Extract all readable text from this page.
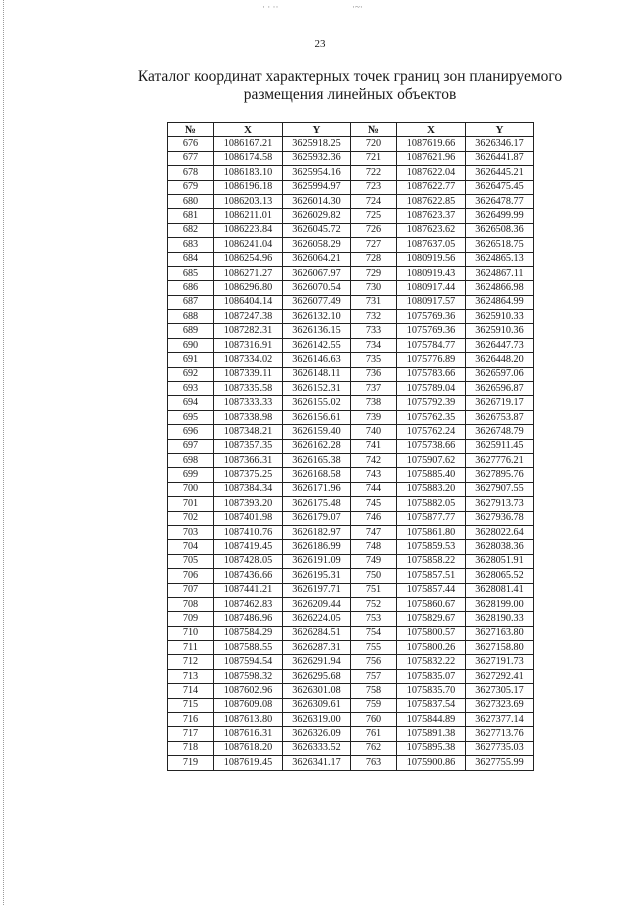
· · ··	·~·
23
Каталог координат характерных точек границ зон планируемого
размещения линейных объектов
№	X	Y	№	X	Y
676	1086167.21	3625918.25	720	1087619.66	3626346.17
677	1086174.58	3625932.36	721	1087621.96	3626441.87
678	1086183.10	3625954.16	722	1087622.04	3626445.21
679	1086196.18	3625994.97	723	1087622.77	3626475.45
680	1086203.13	3626014.30	724	1087622.85	3626478.77
681	1086211.01	3626029.82	725	1087623.37	3626499.99
682	1086223.84	3626045.72	726	1087623.62	3626508.36
683	1086241.04	3626058.29	727	1087637.05	3626518.75
684	1086254.96	3626064.21	728	1080919.56	3624865.13
685	1086271.27	3626067.97	729	1080919.43	3624867.11
686	1086296.80	3626070.54	730	1080917.44	3624866.98
687	1086404.14	3626077.49	731	1080917.57	3624864.99
688	1087247.38	3626132.10	732	1075769.36	3625910.33
689	1087282.31	3626136.15	733	1075769.36	3625910.36
690	1087316.91	3626142.55	734	1075784.77	3626447.73
691	1087334.02	3626146.63	735	1075776.89	3626448.20
692	1087339.11	3626148.11	736	1075783.66	3626597.06
693	1087335.58	3626152.31	737	1075789.04	3626596.87
694	1087333.33	3626155.02	738	1075792.39	3626719.17
695	1087338.98	3626156.61	739	1075762.35	3626753.87
696	1087348.21	3626159.40	740	1075762.24	3626748.79
697	1087357.35	3626162.28	741	1075738.66	3625911.45
698	1087366.31	3626165.38	742	1075907.62	3627776.21
699	1087375.25	3626168.58	743	1075885.40	3627895.76
700	1087384.34	3626171.96	744	1075883.20	3627907.55
701	1087393.20	3626175.48	745	1075882.05	3627913.73
702	1087401.98	3626179.07	746	1075877.77	3627936.78
703	1087410.76	3626182.97	747	1075861.80	3628022.64
704	1087419.45	3626186.99	748	1075859.53	3628038.36
705	1087428.05	3626191.09	749	1075858.22	3628051.91
706	1087436.66	3626195.31	750	1075857.51	3628065.52
707	1087441.21	3626197.71	751	1075857.44	3628081.41
708	1087462.83	3626209.44	752	1075860.67	3628199.00
709	1087486.96	3626224.05	753	1075829.67	3628190.33
710	1087584.29	3626284.51	754	1075800.57	3627163.80
711	1087588.55	3626287.31	755	1075800.26	3627158.80
712	1087594.54	3626291.94	756	1075832.22	3627191.73
713	1087598.32	3626295.68	757	1075835.07	3627292.41
714	1087602.96	3626301.08	758	1075835.70	3627305.17
715	1087609.08	3626309.61	759	1075837.54	3627323.69
716	1087613.80	3626319.00	760	1075844.89	3627377.14
717	1087616.31	3626326.09	761	1075891.38	3627713.76
718	1087618.20	3626333.52	762	1075895.38	3627735.03
719	1087619.45	3626341.17	763	1075900.86	3627755.99
